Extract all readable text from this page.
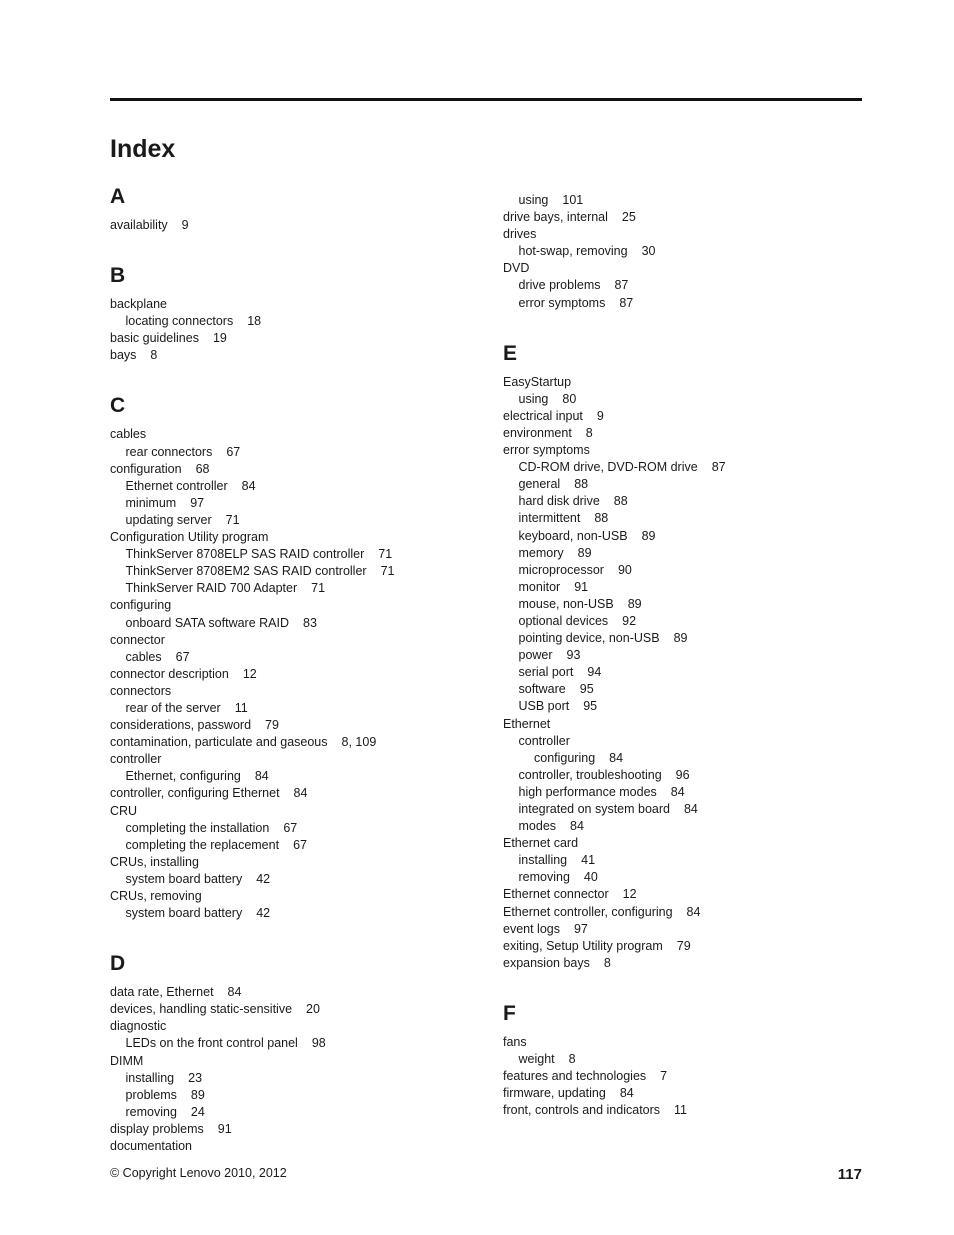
Index
A
availability 9
B
backplane
locating connectors 18
basic guidelines 19
bays 8
C
cables
rear connectors 67
configuration 68
Ethernet controller 84
minimum 97
updating server 71
Configuration Utility program
ThinkServer 8708ELP SAS RAID controller 71
ThinkServer 8708EM2 SAS RAID controller 71
ThinkServer RAID 700 Adapter 71
configuring
onboard SATA software RAID 83
connector
cables 67
connector description 12
connectors
rear of the server 11
considerations, password 79
contamination, particulate and gaseous 8, 109
controller
Ethernet, configuring 84
controller, configuring Ethernet 84
CRU
completing the installation 67
completing the replacement 67
CRUs, installing
system board battery 42
CRUs, removing
system board battery 42
D
data rate, Ethernet 84
devices, handling static-sensitive 20
diagnostic
LEDs on the front control panel 98
DIMM
installing 23
problems 89
removing 24
display problems 91
documentation
using 101
drive bays, internal 25
drives
hot-swap, removing 30
DVD
drive problems 87
error symptoms 87
E
EasyStartup
using 80
electrical input 9
environment 8
error symptoms
CD-ROM drive, DVD-ROM drive 87
general 88
hard disk drive 88
intermittent 88
keyboard, non-USB 89
memory 89
microprocessor 90
monitor 91
mouse, non-USB 89
optional devices 92
pointing device, non-USB 89
power 93
serial port 94
software 95
USB port 95
Ethernet
controller
configuring 84
controller, troubleshooting 96
high performance modes 84
integrated on system board 84
modes 84
Ethernet card
installing 41
removing 40
Ethernet connector 12
Ethernet controller, configuring 84
event logs 97
exiting, Setup Utility program 79
expansion bays 8
F
fans
weight 8
features and technologies 7
firmware, updating 84
front, controls and indicators 11
© Copyright Lenovo 2010, 2012	117
